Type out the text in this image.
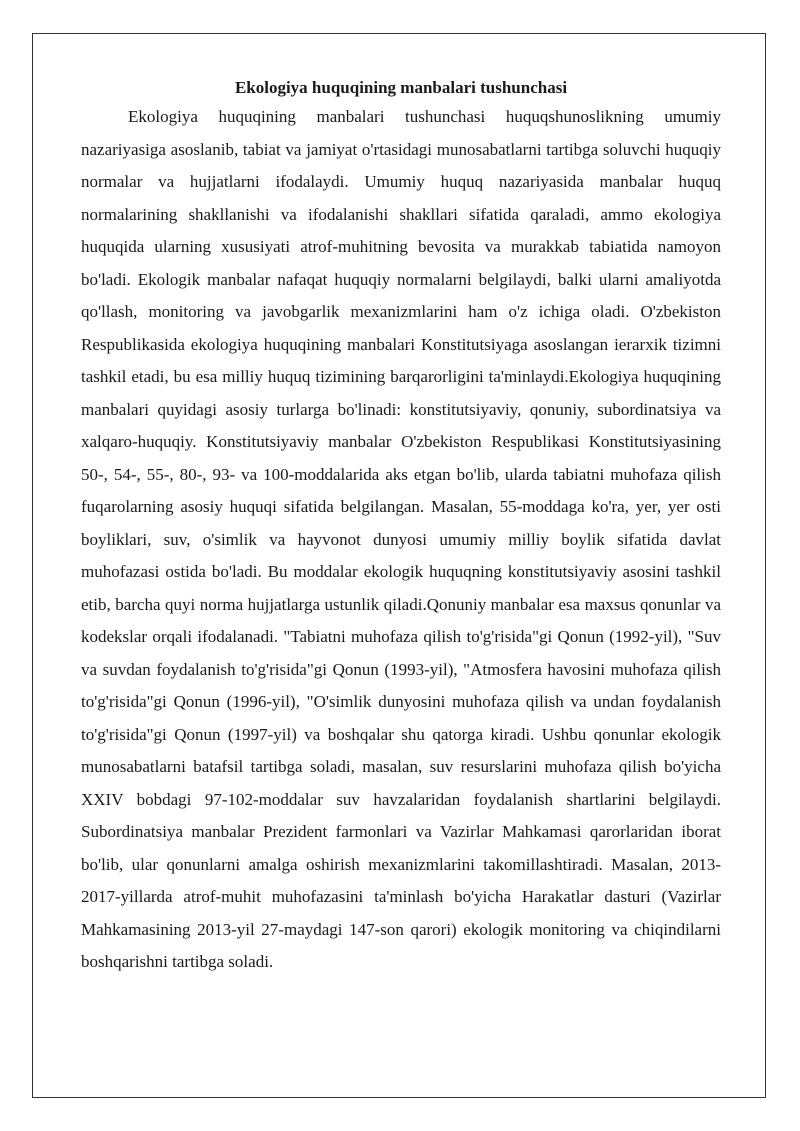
Ekologiya huquqining manbalari tushunchasi

Ekologiya huquqining manbalari tushunchasi huquqshunoslikning umumiy nazariyasiga asoslanib, tabiat va jamiyat o'rtasidagi munosabatlarni tartibga soluvchi huquqiy normalar va hujjatlarni ifodalaydi. Umumiy huquq nazariyasida manbalar huquq normalarining shakllanishi va ifodalanishi shakllari sifatida qaraladi, ammo ekologiya huquqida ularning xususiyati atrof-muhitning bevosita va murakkab tabiatida namoyon bo'ladi. Ekologik manbalar nafaqat huquqiy normalarni belgilaydi, balki ularni amaliyotda qo'llash, monitoring va javobgarlik mexanizmlarini ham o'z ichiga oladi. O'zbekiston Respublikasida ekologiya huquqining manbalari Konstitutsiyaga asoslangan ierarxik tizimni tashkil etadi, bu esa milliy huquq tizimining barqarorligini ta'minlaydi.Ekologiya huquqining manbalari quyidagi asosiy turlarga bo'linadi: konstitutsiyaviy, qonuniy, subordinatsiya va xalqaro-huquqiy. Konstitutsiyaviy manbalar O'zbekiston Respublikasi Konstitutsiyasining 50-, 54-, 55-, 80-, 93- va 100-moddalarida aks etgan bo'lib, ularda tabiatni muhofaza qilish fuqarolarning asosiy huquqi sifatida belgilangan. Masalan, 55-moddaga ko'ra, yer, yer osti boyliklari, suv, o'simlik va hayvonot dunyosi umumiy milliy boylik sifatida davlat muhofazasi ostida bo'ladi. Bu moddalar ekologik huquqning konstitutsiyaviy asosini tashkil etib, barcha quyi norma hujjatlarga ustunlik qiladi.Qonuniy manbalar esa maxsus qonunlar va kodekslar orqali ifodalanadi. "Tabiatni muhofaza qilish to'g'risida"gi Qonun (1992-yil), "Suv va suvdan foydalanish to'g'risida"gi Qonun (1993-yil), "Atmosfera havosini muhofaza qilish to'g'risida"gi Qonun (1996-yil), "O'simlik dunyosini muhofaza qilish va undan foydalanish to'g'risida"gi Qonun (1997-yil) va boshqalar shu qatorga kiradi. Ushbu qonunlar ekologik munosabatlarni batafsil tartibga soladi, masalan, suv resurslarini muhofaza qilish bo'yicha XXIV bobdagi 97-102-moddalar suv havzalaridan foydalanish shartlarini belgilaydi. Subordinatsiya manbalar Prezident farmonlari va Vazirlar Mahkamasi qarorlaridan iborat bo'lib, ular qonunlarni amalga oshirish mexanizmlarini takomillashtiradi. Masalan, 2013-2017-yillarda atrof-muhit muhofazasini ta'minlash bo'yicha Harakatlar dasturi (Vazirlar Mahkamasining 2013-yil 27-maydagi 147-son qarori) ekologik monitoring va chiqindilarni boshqarishni tartibga soladi.
